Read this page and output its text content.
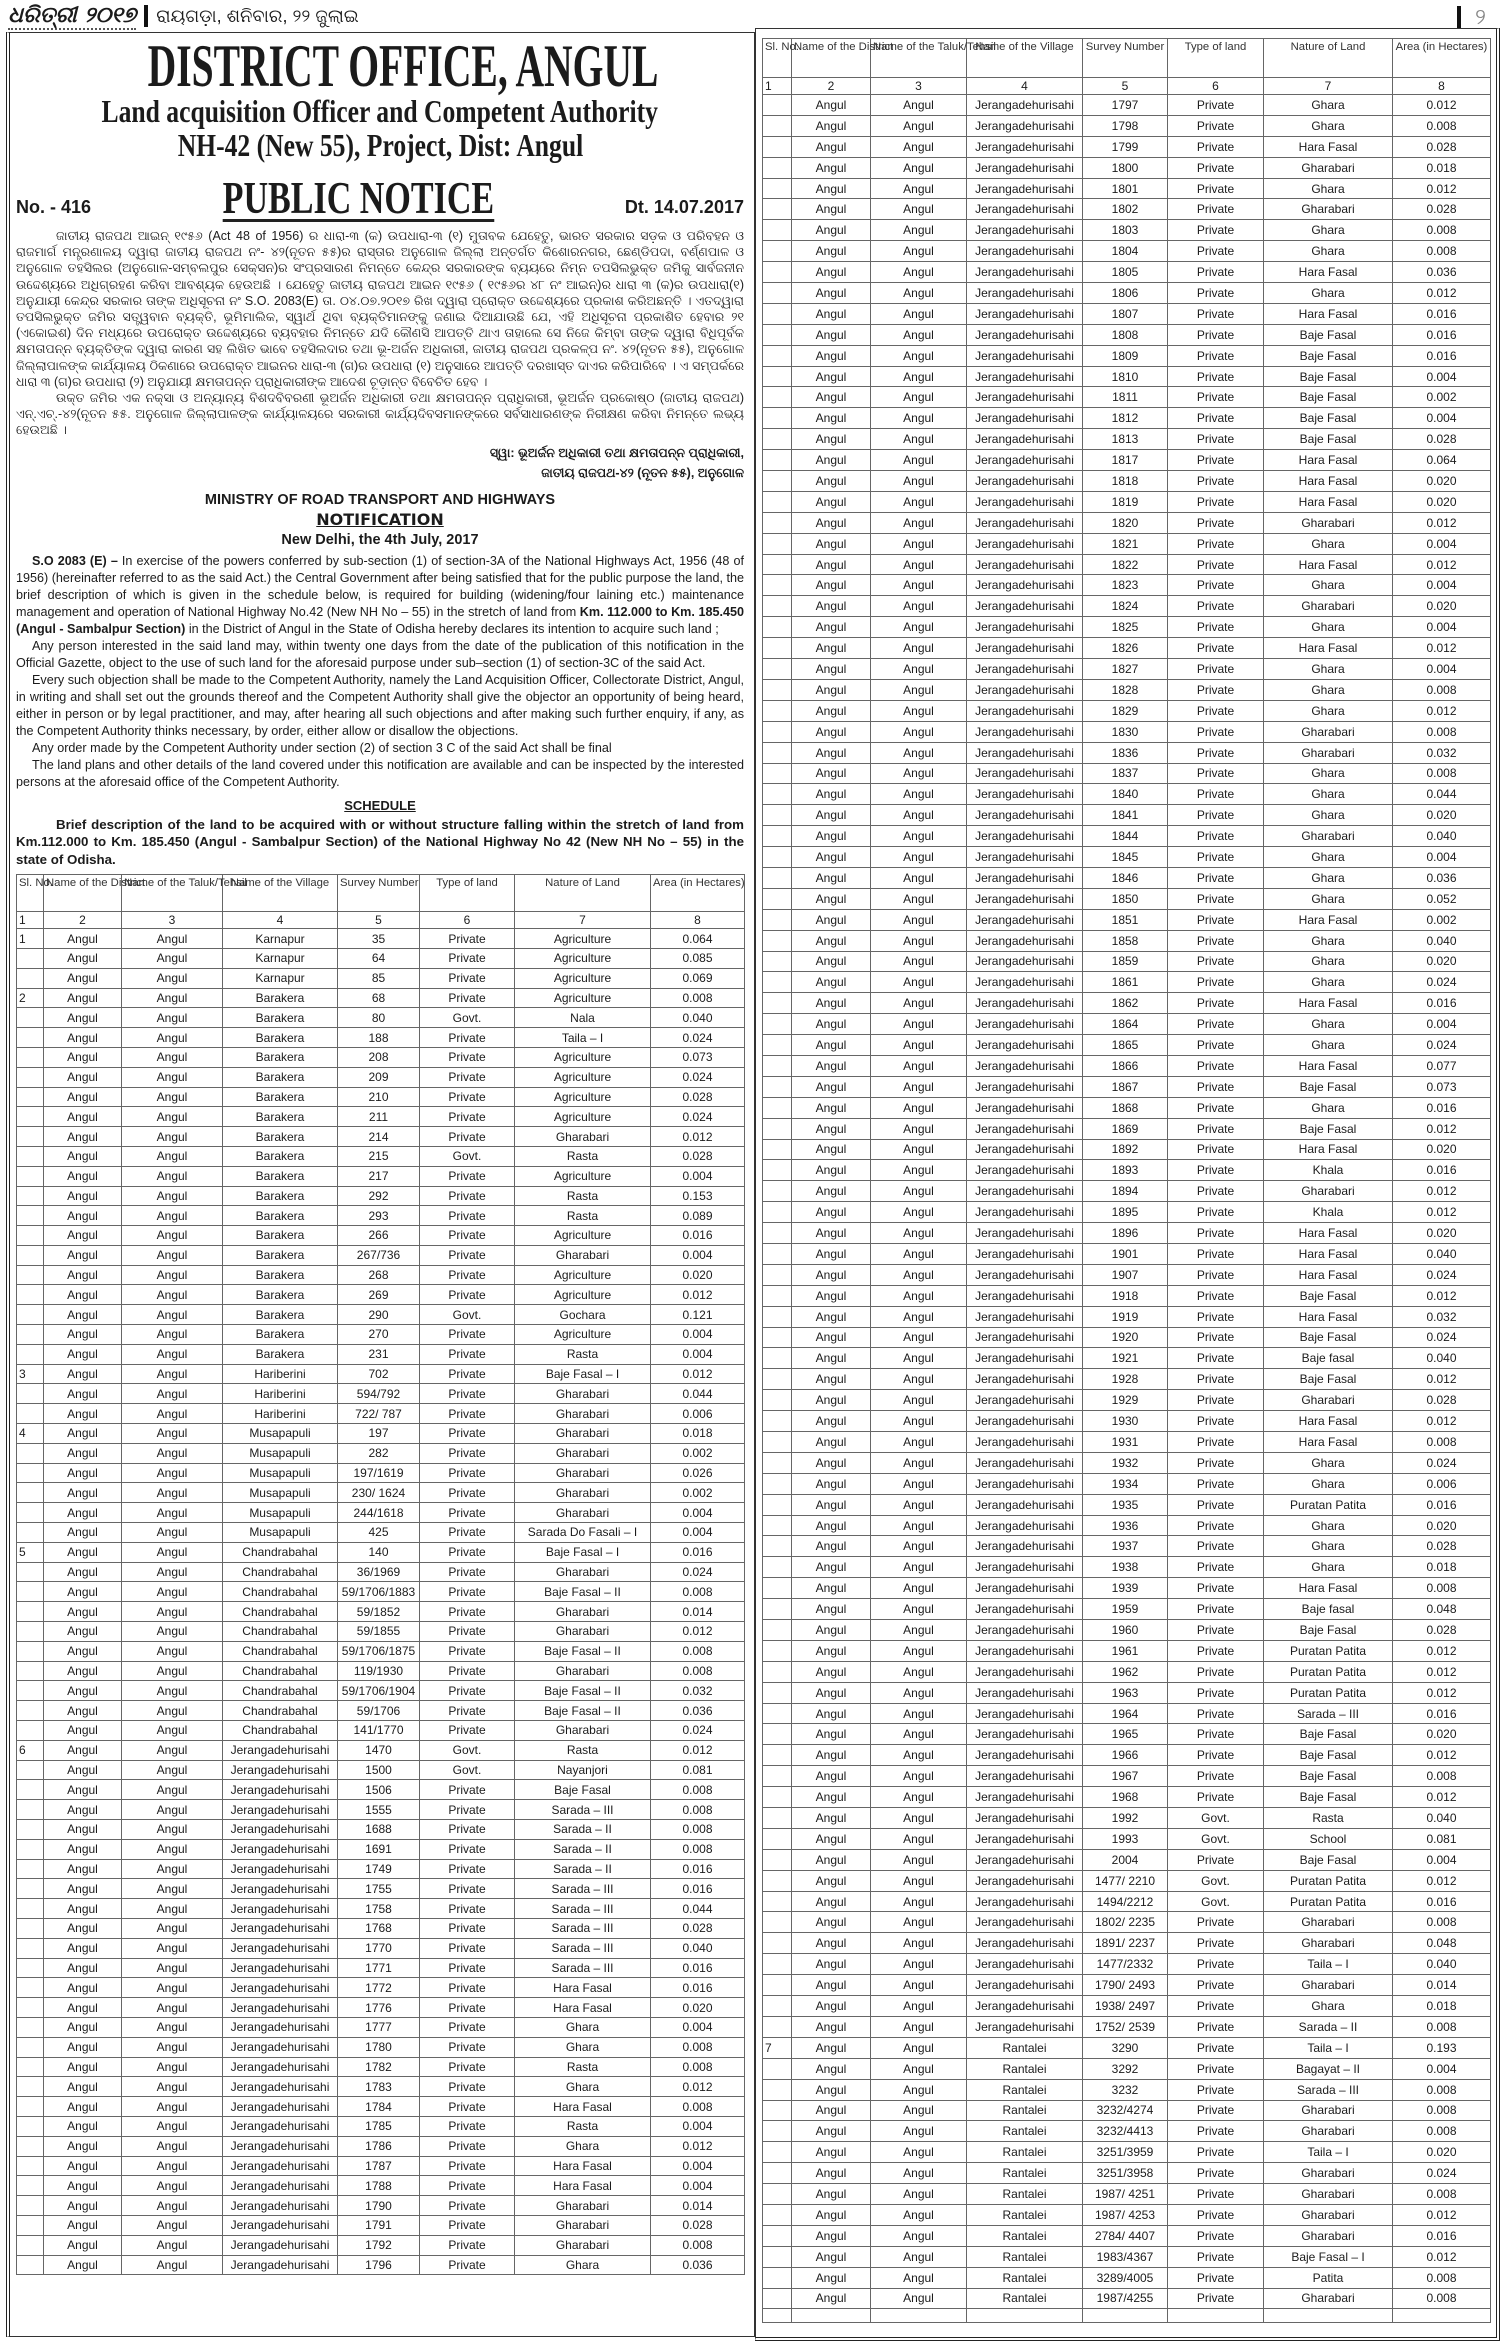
ଧରିତ୍ରୀ ୨୦୧୭ ରାୟଗଡ଼ା, ଶନିବାର, ୨୨ ଜୁଲାଇ	୨
DISTRICT OFFICE, ANGUL
Land acquisition Officer and Competent Authority
NH-42 (New 55), Project, Dist: Angul
No. - 416	PUBLIC NOTICE	Dt. 14.07.2017

ଜାତୀୟ ରାଜପଥ ଆଇନ୍ ୧୯୫୬ (Act 48 of 1956) ର ଧାରା-୩ (କ) ଉପଧାରା-୩ (୧) ମୁତାବକ ଯେହେତୁ, ଭାରତ ସରକାର ସଡ଼କ ଓ ପରିବହନ ଓ ରାଜମାର୍ଗ ମନ୍ତ୍ରଣାଳୟ ଦ୍ୱାରା ଜାତୀୟ ରାଜପଥ ନଂ- ୪୨(ନୂତନ ୫୫)ର ରାସ୍ତାର ଅନୁଗୋଳ ଜିଲ୍ଲା ଅନ୍ତର୍ଗତ କିଶୋରନଗର, ଛେଣ୍ଡିପଦା, ବର୍ଣ୍ଣପାଳ ଓ ଅନୁଗୋଳ ତହସିଲର (ଅନୁଗୋଳ-ସମ୍ବଲପୁର ସେକ୍ସନ)ର ସଂପ୍ରସାରଣ ନିମନ୍ତେ କେନ୍ଦ୍ର ସରକାରଙ୍କ ବ୍ୟୟରେ ନିମ୍ନ ତପସିଲଭୁକ୍ତ ଜମିକୁ ସାର୍ବଜନୀନ ଉଦ୍ଦେଶ୍ୟରେ ଅଧିଗ୍ରହଣ କରିବା ଆବଶ୍ୟକ ହେଉଅଛି । ଯେହେତୁ ଜାତୀୟ ରାଜପଥ ଆଇନ ୧୯୫୬ ( ୧୯୫୬ର ୪୮ ନଂ ଆଇନ୍)ର ଧାରା ୩ (କ)ର ଉପଧାରା(୧) ଅନୁଯାୟୀ କେନ୍ଦ୍ର ସରକାର ତାଙ୍କ ଅଧିସୂଚନା ନଂ S.O. 2083(E) ତା. ୦୪.୦୭.୨୦୧୭ ରିଖ ଦ୍ୱାରା ପ୍ରୋକ୍ତ ଉଦ୍ଦେଶ୍ୟରେ ପ୍ରକାଶ କରିଅଛନ୍ତି । ଏତଦ୍ୱାରା ତପସିଲଭୁକ୍ତ ଜମିର ସତ୍ତ୍ୱବାନ ବ୍ୟକ୍ତି, ଭୂମିମାଲିକ, ସ୍ୱାର୍ଥ ଥିବା ବ୍ୟକ୍ତିମାନଙ୍କୁ ଜଣାଇ ଦିଆଯାଉଛି ଯେ, ଏହି ଅଧିସୂଚନା ପ୍ରକାଶିତ ହେବାର ୨୧ (ଏକୋଇଶ) ଦିନ ମଧ୍ୟରେ ଉପରୋକ୍ତ ଉଦ୍ଦେଶ୍ୟରେ ବ୍ୟବହାର ନିମନ୍ତେ ଯଦି କୌଣସି ଆପତ୍ତି ଥାଏ ତାହାଲେ ସେ ନିଜେ କିମ୍ବା ତାଙ୍କ ଦ୍ୱାରା ବିଧିପୂର୍ବକ କ୍ଷମତାପନ୍ନ ବ୍ୟକ୍ତିଙ୍କ ଦ୍ୱାରା କାରଣ ସହ ଲିଖିତ ଭାବେ ତହସିଲଦାର ତଥା ଭୂ-ଅର୍ଜନ ଅଧିକାରୀ, ଜାତୀୟ ରାଜପଥ ପ୍ରକଳ୍ପ ନଂ. ୪୨(ନୂତନ ୫୫), ଅନୁଗୋଳ ଜିଲ୍ଲାପାଳଙ୍କ କାର୍ଯ୍ୟାଳୟ ଠିକଣାରେ ଉପରୋକ୍ତ ଆଇନର ଧାରା-୩ (ଗ)ର ଉପଧାରା (୧) ଅନୁସାରେ ଆପତ୍ତି ଦରଖାସ୍ତ ଦାଏର କରିପାରିବେ । ଏ ସମ୍ପର୍କରେ ଧାରା ୩ (ଗ)ର ଉପଧାରା (୨) ଅନୁଯାୟୀ କ୍ଷମତାପନ୍ନ ପ୍ରାଧିକାରୀଙ୍କ ଆଦେଶ ଚୂଡ଼ାନ୍ତ ବିବେଚିତ ହେବ ।

ଉକ୍ତ ଜମିର ଏକ ନକ୍ସା ଓ ଅନ୍ୟାନ୍ୟ ବିଶଦବିବରଣୀ ଭୂଅର୍ଜନ ଅଧିକାରୀ ତଥା କ୍ଷମତାପନ୍ନ ପ୍ରାଧିକାରୀ, ଭୂଅର୍ଜନ ପ୍ରକୋଷ୍ଠ (ଜାତୀୟ ରାଜପଥ) ଏନ୍.ଏଚ୍.-୪୨(ନୂତନ ୫୫. ଅନୁଗୋଳ ଜିଲ୍ଲାପାଳଙ୍କ କାର୍ଯ୍ୟାଳୟରେ ସରକାରୀ କାର୍ଯ୍ୟଦିବସମାନଙ୍କରେ ସର୍ବସାଧାରଣଙ୍କ ନିରୀକ୍ଷଣ କରିବା ନିମନ୍ତେ ଲଭ୍ୟ ହେଉଅଛି ।

ସ୍ୱା: ଭୂଅର୍ଜନ ଅଧିକାରୀ ତଥା କ୍ଷମତାପନ୍ନ ପ୍ରାଧିକାରୀ,
ଜାତୀୟ ରାଜପଥ-୪୨ (ନୂତନ ୫୫), ଅନୁଗୋଳ
MINISTRY OF ROAD TRANSPORT AND HIGHWAYS
NOTIFICATION
New Delhi, the 4th July, 2017

S.O 2083 (E) – In exercise of the powers conferred by sub-section (1) of section-3A of the National Highways Act, 1956 (48 of 1956) (hereinafter referred to as the said Act.) the Central Government after being satisfied that for the public purpose the land, the brief description of which is given in the schedule below, is required for building (widening/four laining etc.) maintenance management and operation of National Highway No.42 (New NH No – 55) in the stretch of land from Km. 112.000 to Km. 185.450 (Angul - Sambalpur Section) in the District of Angul in the State of Odisha hereby declares its intention to acquire such land ;

Any person interested in the said land may, within twenty one days from the date of the publication of this notification in the Official Gazette, object to the use of such land for the aforesaid purpose under sub–section (1) of section-3C of the said Act.

Every such objection shall be made to the Competent Authority, namely the Land Acquisition Officer, Collectorate District, Angul, in writing and shall set out the grounds thereof and the Competent Authority shall give the objector an opportunity of being heard, either in person or by legal practitioner, and may, after hearing all such objections and after making such further enquiry, if any, as the Competent Authority thinks necessary, by order, either allow or disallow the objections.

Any order made by the Competent Authority under section (2) of section 3 C of the said Act shall be final

The land plans and other details of the land covered under this notification are available and can be inspected by the interested persons at the aforesaid office of the Competent Authority.

SCHEDULE
Brief description of the land to be acquired with or without structure falling within the stretch of land from Km.112.000 to Km. 185.450 (Angul - Sambalpur Section) of the National Highway No 42 (New NH No – 55) in the state of Odisha.
Sl. No.	Name of the District	Name of the Taluk/Tehsil	Name of the Village	Survey Number	Type of land	Nature of Land	Area (in Hectares)
1	2	3	4	5	6	7	8
1	Angul	Angul	Karnapur	35	Private	Agriculture	0.064
	Angul	Angul	Karnapur	64	Private	Agriculture	0.085
	Angul	Angul	Karnapur	85	Private	Agriculture	0.069
2	Angul	Angul	Barakera	68	Private	Agriculture	0.008
	Angul	Angul	Barakera	80	Govt.	Nala	0.040
	Angul	Angul	Barakera	188	Private	Taila – I	0.024
	Angul	Angul	Barakera	208	Private	Agriculture	0.073
	Angul	Angul	Barakera	209	Private	Agriculture	0.024
	Angul	Angul	Barakera	210	Private	Agriculture	0.028
	Angul	Angul	Barakera	211	Private	Agriculture	0.024
	Angul	Angul	Barakera	214	Private	Gharabari	0.012
	Angul	Angul	Barakera	215	Govt.	Rasta	0.028
	Angul	Angul	Barakera	217	Private	Agriculture	0.004
	Angul	Angul	Barakera	292	Private	Rasta	0.153
	Angul	Angul	Barakera	293	Private	Rasta	0.089
	Angul	Angul	Barakera	266	Private	Agriculture	0.016
	Angul	Angul	Barakera	267/736	Private	Gharabari	0.004
	Angul	Angul	Barakera	268	Private	Agriculture	0.020
	Angul	Angul	Barakera	269	Private	Agriculture	0.012
	Angul	Angul	Barakera	290	Govt.	Gochara	0.121
	Angul	Angul	Barakera	270	Private	Agriculture	0.004
	Angul	Angul	Barakera	231	Private	Rasta	0.004
3	Angul	Angul	Hariberini	702	Private	Baje Fasal – I	0.012
	Angul	Angul	Hariberini	594/792	Private	Gharabari	0.044
	Angul	Angul	Hariberini	722/ 787	Private	Gharabari	0.006
4	Angul	Angul	Musapapuli	197	Private	Gharabari	0.018
	Angul	Angul	Musapapuli	282	Private	Gharabari	0.002
	Angul	Angul	Musapapuli	197/1619	Private	Gharabari	0.026
	Angul	Angul	Musapapuli	230/ 1624	Private	Gharabari	0.002
	Angul	Angul	Musapapuli	244/1618	Private	Gharabari	0.004
	Angul	Angul	Musapapuli	425	Private	Sarada Do Fasali – I	0.004
5	Angul	Angul	Chandrabahal	140	Private	Baje Fasal – I	0.016
	Angul	Angul	Chandrabahal	36/1969	Private	Gharabari	0.024
	Angul	Angul	Chandrabahal	59/1706/1883	Private	Baje Fasal – II	0.008
	Angul	Angul	Chandrabahal	59/1852	Private	Gharabari	0.014
	Angul	Angul	Chandrabahal	59/1855	Private	Gharabari	0.012
	Angul	Angul	Chandrabahal	59/1706/1875	Private	Baje Fasal – II	0.008
	Angul	Angul	Chandrabahal	119/1930	Private	Gharabari	0.008
	Angul	Angul	Chandrabahal	59/1706/1904	Private	Baje Fasal – II	0.032
	Angul	Angul	Chandrabahal	59/1706	Private	Baje Fasal – II	0.036
	Angul	Angul	Chandrabahal	141/1770	Private	Gharabari	0.024
6	Angul	Angul	Jerangadehurisahi	1470	Govt.	Rasta	0.012
	Angul	Angul	Jerangadehurisahi	1500	Govt.	Nayanjori	0.081
	Angul	Angul	Jerangadehurisahi	1506	Private	Baje Fasal	0.008
	Angul	Angul	Jerangadehurisahi	1555	Private	Sarada – III	0.008
	Angul	Angul	Jerangadehurisahi	1688	Private	Sarada – II	0.008
	Angul	Angul	Jerangadehurisahi	1691	Private	Sarada – II	0.008
	Angul	Angul	Jerangadehurisahi	1749	Private	Sarada – II	0.016
	Angul	Angul	Jerangadehurisahi	1755	Private	Sarada – III	0.016
	Angul	Angul	Jerangadehurisahi	1758	Private	Sarada – III	0.044
	Angul	Angul	Jerangadehurisahi	1768	Private	Sarada – III	0.028
	Angul	Angul	Jerangadehurisahi	1770	Private	Sarada – III	0.040
	Angul	Angul	Jerangadehurisahi	1771	Private	Sarada – III	0.016
	Angul	Angul	Jerangadehurisahi	1772	Private	Hara Fasal	0.016
	Angul	Angul	Jerangadehurisahi	1776	Private	Hara Fasal	0.020
	Angul	Angul	Jerangadehurisahi	1777	Private	Ghara	0.004
	Angul	Angul	Jerangadehurisahi	1780	Private	Ghara	0.008
	Angul	Angul	Jerangadehurisahi	1782	Private	Rasta	0.008
	Angul	Angul	Jerangadehurisahi	1783	Private	Ghara	0.012
	Angul	Angul	Jerangadehurisahi	1784	Private	Hara Fasal	0.008
	Angul	Angul	Jerangadehurisahi	1785	Private	Rasta	0.004
	Angul	Angul	Jerangadehurisahi	1786	Private	Ghara	0.012
	Angul	Angul	Jerangadehurisahi	1787	Private	Hara Fasal	0.004
	Angul	Angul	Jerangadehurisahi	1788	Private	Hara Fasal	0.004
	Angul	Angul	Jerangadehurisahi	1790	Private	Gharabari	0.014
	Angul	Angul	Jerangadehurisahi	1791	Private	Gharabari	0.028
	Angul	Angul	Jerangadehurisahi	1792	Private	Gharabari	0.008
	Angul	Angul	Jerangadehurisahi	1796	Private	Ghara	0.036
Sl. No.	Name of the District	Name of the Taluk/Tehsil	Name of the Village	Survey Number	Type of land	Nature of Land	Area (in Hectares)
1	2	3	4	5	6	7	8
	Angul	Angul	Jerangadehurisahi	1797	Private	Ghara	0.012
	Angul	Angul	Jerangadehurisahi	1798	Private	Ghara	0.008
	Angul	Angul	Jerangadehurisahi	1799	Private	Hara Fasal	0.028
	Angul	Angul	Jerangadehurisahi	1800	Private	Gharabari	0.018
	Angul	Angul	Jerangadehurisahi	1801	Private	Ghara	0.012
	Angul	Angul	Jerangadehurisahi	1802	Private	Gharabari	0.028
	Angul	Angul	Jerangadehurisahi	1803	Private	Ghara	0.008
	Angul	Angul	Jerangadehurisahi	1804	Private	Ghara	0.008
	Angul	Angul	Jerangadehurisahi	1805	Private	Hara Fasal	0.036
	Angul	Angul	Jerangadehurisahi	1806	Private	Ghara	0.012
	Angul	Angul	Jerangadehurisahi	1807	Private	Hara Fasal	0.016
	Angul	Angul	Jerangadehurisahi	1808	Private	Baje Fasal	0.016
	Angul	Angul	Jerangadehurisahi	1809	Private	Baje Fasal	0.016
	Angul	Angul	Jerangadehurisahi	1810	Private	Baje Fasal	0.004
	Angul	Angul	Jerangadehurisahi	1811	Private	Baje Fasal	0.002
	Angul	Angul	Jerangadehurisahi	1812	Private	Baje Fasal	0.004
	Angul	Angul	Jerangadehurisahi	1813	Private	Baje Fasal	0.028
	Angul	Angul	Jerangadehurisahi	1817	Private	Hara Fasal	0.064
	Angul	Angul	Jerangadehurisahi	1818	Private	Hara Fasal	0.020
	Angul	Angul	Jerangadehurisahi	1819	Private	Hara Fasal	0.020
	Angul	Angul	Jerangadehurisahi	1820	Private	Gharabari	0.012
	Angul	Angul	Jerangadehurisahi	1821	Private	Ghara	0.004
	Angul	Angul	Jerangadehurisahi	1822	Private	Hara Fasal	0.012
	Angul	Angul	Jerangadehurisahi	1823	Private	Ghara	0.004
	Angul	Angul	Jerangadehurisahi	1824	Private	Gharabari	0.020
	Angul	Angul	Jerangadehurisahi	1825	Private	Ghara	0.004
	Angul	Angul	Jerangadehurisahi	1826	Private	Hara Fasal	0.012
	Angul	Angul	Jerangadehurisahi	1827	Private	Ghara	0.004
	Angul	Angul	Jerangadehurisahi	1828	Private	Ghara	0.008
	Angul	Angul	Jerangadehurisahi	1829	Private	Ghara	0.012
	Angul	Angul	Jerangadehurisahi	1830	Private	Gharabari	0.008
	Angul	Angul	Jerangadehurisahi	1836	Private	Gharabari	0.032
	Angul	Angul	Jerangadehurisahi	1837	Private	Ghara	0.008
	Angul	Angul	Jerangadehurisahi	1840	Private	Ghara	0.044
	Angul	Angul	Jerangadehurisahi	1841	Private	Ghara	0.020
	Angul	Angul	Jerangadehurisahi	1844	Private	Gharabari	0.040
	Angul	Angul	Jerangadehurisahi	1845	Private	Ghara	0.004
	Angul	Angul	Jerangadehurisahi	1846	Private	Ghara	0.036
	Angul	Angul	Jerangadehurisahi	1850	Private	Ghara	0.052
	Angul	Angul	Jerangadehurisahi	1851	Private	Hara Fasal	0.002
	Angul	Angul	Jerangadehurisahi	1858	Private	Ghara	0.040
	Angul	Angul	Jerangadehurisahi	1859	Private	Ghara	0.020
	Angul	Angul	Jerangadehurisahi	1861	Private	Ghara	0.024
	Angul	Angul	Jerangadehurisahi	1862	Private	Hara Fasal	0.016
	Angul	Angul	Jerangadehurisahi	1864	Private	Ghara	0.004
	Angul	Angul	Jerangadehurisahi	1865	Private	Ghara	0.024
	Angul	Angul	Jerangadehurisahi	1866	Private	Hara Fasal	0.077
	Angul	Angul	Jerangadehurisahi	1867	Private	Baje Fasal	0.073
	Angul	Angul	Jerangadehurisahi	1868	Private	Ghara	0.016
	Angul	Angul	Jerangadehurisahi	1869	Private	Baje Fasal	0.012
	Angul	Angul	Jerangadehurisahi	1892	Private	Hara Fasal	0.020
	Angul	Angul	Jerangadehurisahi	1893	Private	Khala	0.016
	Angul	Angul	Jerangadehurisahi	1894	Private	Gharabari	0.012
	Angul	Angul	Jerangadehurisahi	1895	Private	Khala	0.012
	Angul	Angul	Jerangadehurisahi	1896	Private	Hara Fasal	0.020
	Angul	Angul	Jerangadehurisahi	1901	Private	Hara Fasal	0.040
	Angul	Angul	Jerangadehurisahi	1907	Private	Hara Fasal	0.024
	Angul	Angul	Jerangadehurisahi	1918	Private	Baje Fasal	0.012
	Angul	Angul	Jerangadehurisahi	1919	Private	Hara Fasal	0.032
	Angul	Angul	Jerangadehurisahi	1920	Private	Baje Fasal	0.024
	Angul	Angul	Jerangadehurisahi	1921	Private	Baje fasal	0.040
	Angul	Angul	Jerangadehurisahi	1928	Private	Baje Fasal	0.012
	Angul	Angul	Jerangadehurisahi	1929	Private	Gharabari	0.028
	Angul	Angul	Jerangadehurisahi	1930	Private	Hara Fasal	0.012
	Angul	Angul	Jerangadehurisahi	1931	Private	Hara Fasal	0.008
	Angul	Angul	Jerangadehurisahi	1932	Private	Ghara	0.024
	Angul	Angul	Jerangadehurisahi	1934	Private	Ghara	0.006
	Angul	Angul	Jerangadehurisahi	1935	Private	Puratan Patita	0.016
	Angul	Angul	Jerangadehurisahi	1936	Private	Ghara	0.020
	Angul	Angul	Jerangadehurisahi	1937	Private	Ghara	0.028
	Angul	Angul	Jerangadehurisahi	1938	Private	Ghara	0.018
	Angul	Angul	Jerangadehurisahi	1939	Private	Hara Fasal	0.008
	Angul	Angul	Jerangadehurisahi	1959	Private	Baje fasal	0.048
	Angul	Angul	Jerangadehurisahi	1960	Private	Baje Fasal	0.028
	Angul	Angul	Jerangadehurisahi	1961	Private	Puratan Patita	0.012
	Angul	Angul	Jerangadehurisahi	1962	Private	Puratan Patita	0.012
	Angul	Angul	Jerangadehurisahi	1963	Private	Puratan Patita	0.012
	Angul	Angul	Jerangadehurisahi	1964	Private	Sarada – III	0.016
	Angul	Angul	Jerangadehurisahi	1965	Private	Baje Fasal	0.020
	Angul	Angul	Jerangadehurisahi	1966	Private	Baje Fasal	0.012
	Angul	Angul	Jerangadehurisahi	1967	Private	Baje Fasal	0.008
	Angul	Angul	Jerangadehurisahi	1968	Private	Baje Fasal	0.012
	Angul	Angul	Jerangadehurisahi	1992	Govt.	Rasta	0.040
	Angul	Angul	Jerangadehurisahi	1993	Govt.	School	0.081
	Angul	Angul	Jerangadehurisahi	2004	Private	Baje Fasal	0.004
	Angul	Angul	Jerangadehurisahi	1477/ 2210	Govt.	Puratan Patita	0.012
	Angul	Angul	Jerangadehurisahi	1494/2212	Govt.	Puratan Patita	0.016
	Angul	Angul	Jerangadehurisahi	1802/ 2235	Private	Gharabari	0.008
	Angul	Angul	Jerangadehurisahi	1891/ 2237	Private	Gharabari	0.048
	Angul	Angul	Jerangadehurisahi	1477/2332	Private	Taila – I	0.040
	Angul	Angul	Jerangadehurisahi	1790/ 2493	Private	Gharabari	0.014
	Angul	Angul	Jerangadehurisahi	1938/ 2497	Private	Ghara	0.018
	Angul	Angul	Jerangadehurisahi	1752/ 2539	Private	Sarada – II	0.008
7	Angul	Angul	Rantalei	3290	Private	Taila – I	0.193
	Angul	Angul	Rantalei	3292	Private	Bagayat – II	0.004
	Angul	Angul	Rantalei	3232	Private	Sarada – III	0.008
	Angul	Angul	Rantalei	3232/4274	Private	Gharabari	0.008
	Angul	Angul	Rantalei	3232/4413	Private	Gharabari	0.008
	Angul	Angul	Rantalei	3251/3959	Private	Taila – I	0.020
	Angul	Angul	Rantalei	3251/3958	Private	Gharabari	0.024
	Angul	Angul	Rantalei	1987/ 4251	Private	Gharabari	0.008
	Angul	Angul	Rantalei	1987/ 4253	Private	Gharabari	0.012
	Angul	Angul	Rantalei	2784/ 4407	Private	Gharabari	0.016
	Angul	Angul	Rantalei	1983/4367	Private	Baje Fasal – I	0.012
	Angul	Angul	Rantalei	3289/4005	Private	Patita	0.008
	Angul	Angul	Rantalei	1987/4255	Private	Gharabari	0.008
